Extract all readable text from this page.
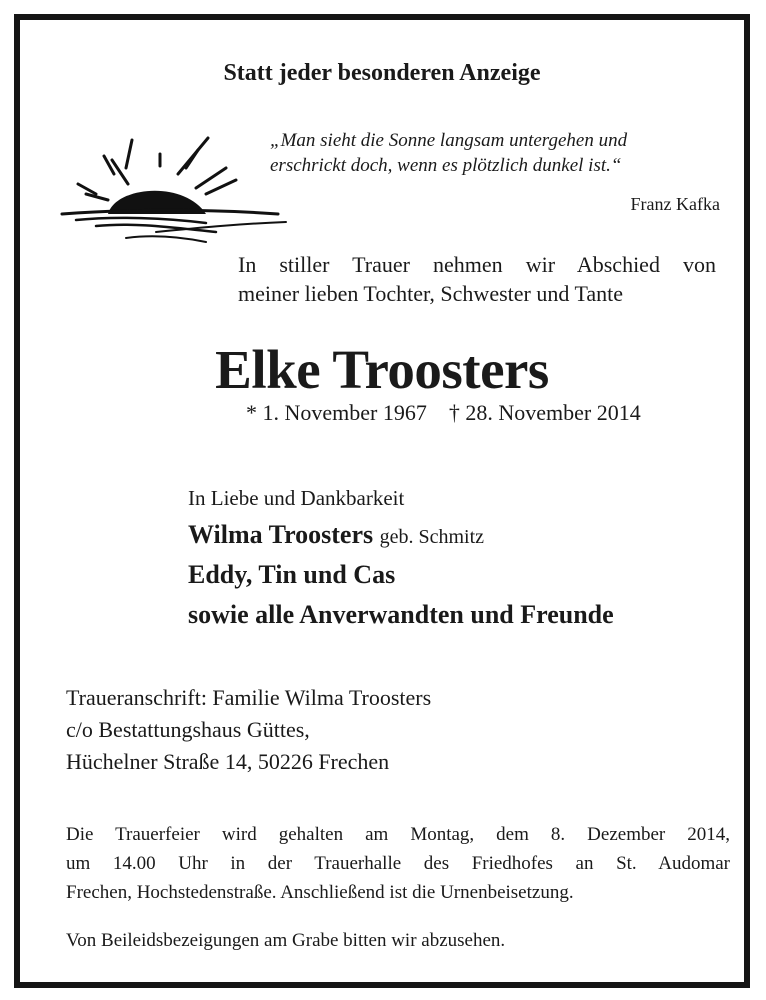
Statt jeder besonderen Anzeige
„Man sieht die Sonne langsam untergehen und
erschrickt doch, wenn es plötzlich dunkel ist.“
Franz Kafka
In stiller Trauer nehmen wir Abschied von
meiner lieben Tochter, Schwester und Tante
Elke Troosters
* 1. November 1967 † 28. November 2014
In Liebe und Dankbarkeit
Wilma Troosters geb. Schmitz
Eddy, Tin und Cas
sowie alle Anverwandten und Freunde
Traueranschrift: Familie Wilma Troosters
c/o Bestattungshaus Güttes,
Hüchelner Straße 14, 50226 Frechen
Die Trauerfeier wird gehalten am Montag, dem 8. Dezember 2014,
um 14.00 Uhr in der Trauerhalle des Friedhofes an St. Audomar
Frechen, Hochstedenstraße. Anschließend ist die Urnenbeisetzung.
Von Beileidsbezeigungen am Grabe bitten wir abzusehen.
